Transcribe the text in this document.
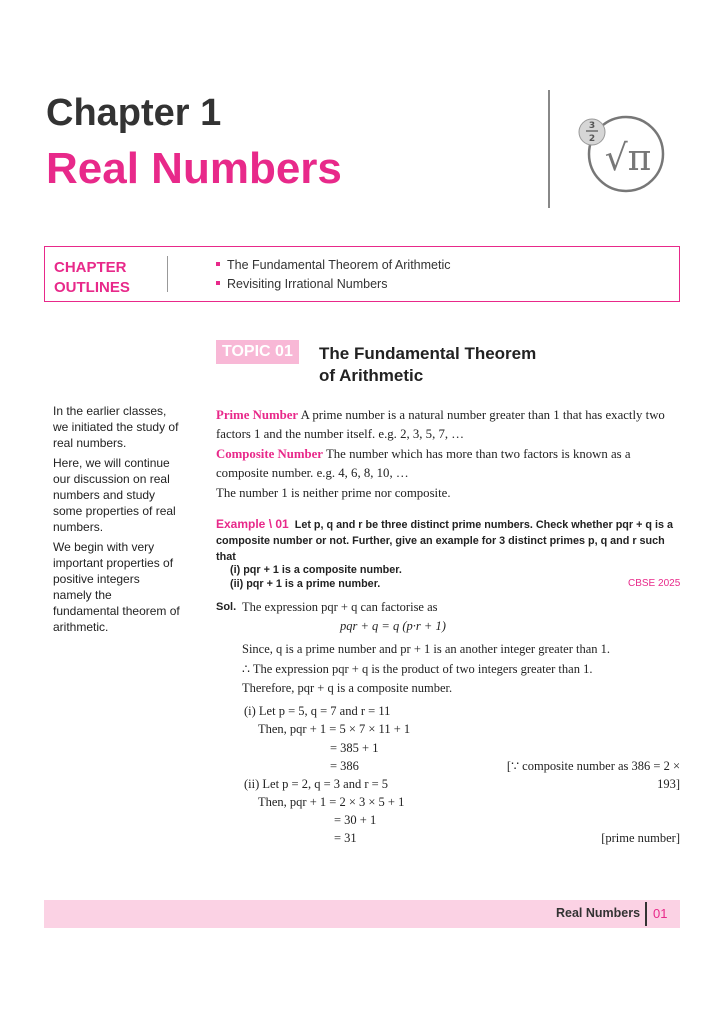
Chapter 1
Real Numbers
3
2 √π
CHAPTER
OUTLINES
The Fundamental Theorem of Arithmetic
Revisiting Irrational Numbers
TOPIC 01	The Fundamental Theorem
of Arithmetic
In the earlier classes, we initiated the study of real numbers.
Here, we will continue our discussion on real numbers and study some properties of real numbers.
We begin with very important properties of positive integers namely the fundamental theorem of arithmetic.
Prime Number A prime number is a natural number greater than 1 that has exactly two factors 1 and the number itself. e.g. 2, 3, 5, 7, …
Composite Number The number which has more than two factors is known as a composite number. e.g. 4, 6, 8, 10, …
The number 1 is neither prime nor composite.
Example \ 01 Let p, q and r be three distinct prime numbers. Check whether pqr + q is a composite number or not. Further, give an example for 3 distinct primes p, q and r such that
(i) pqr + 1 is a composite number.
(ii) pqr + 1 is a prime number.	CBSE 2025
Sol. The expression pqr + q can factorise as
pqr + q = q (p·r + 1)
Since, q is a prime number and pr + 1 is an another integer greater than 1.
∴ The expression pqr + q is the product of two integers greater than 1.
Therefore, pqr + q is a composite number.
(i) Let p = 5, q = 7 and r = 11
Then, pqr + 1 = 5 × 7 × 11 + 1
= 385 + 1
= 386	[∵ composite number as 386 = 2 × 193]
(ii) Let p = 2, q = 3 and r = 5
Then, pqr + 1 = 2 × 3 × 5 + 1
= 30 + 1
= 31	[prime number]
Real Numbers 01
